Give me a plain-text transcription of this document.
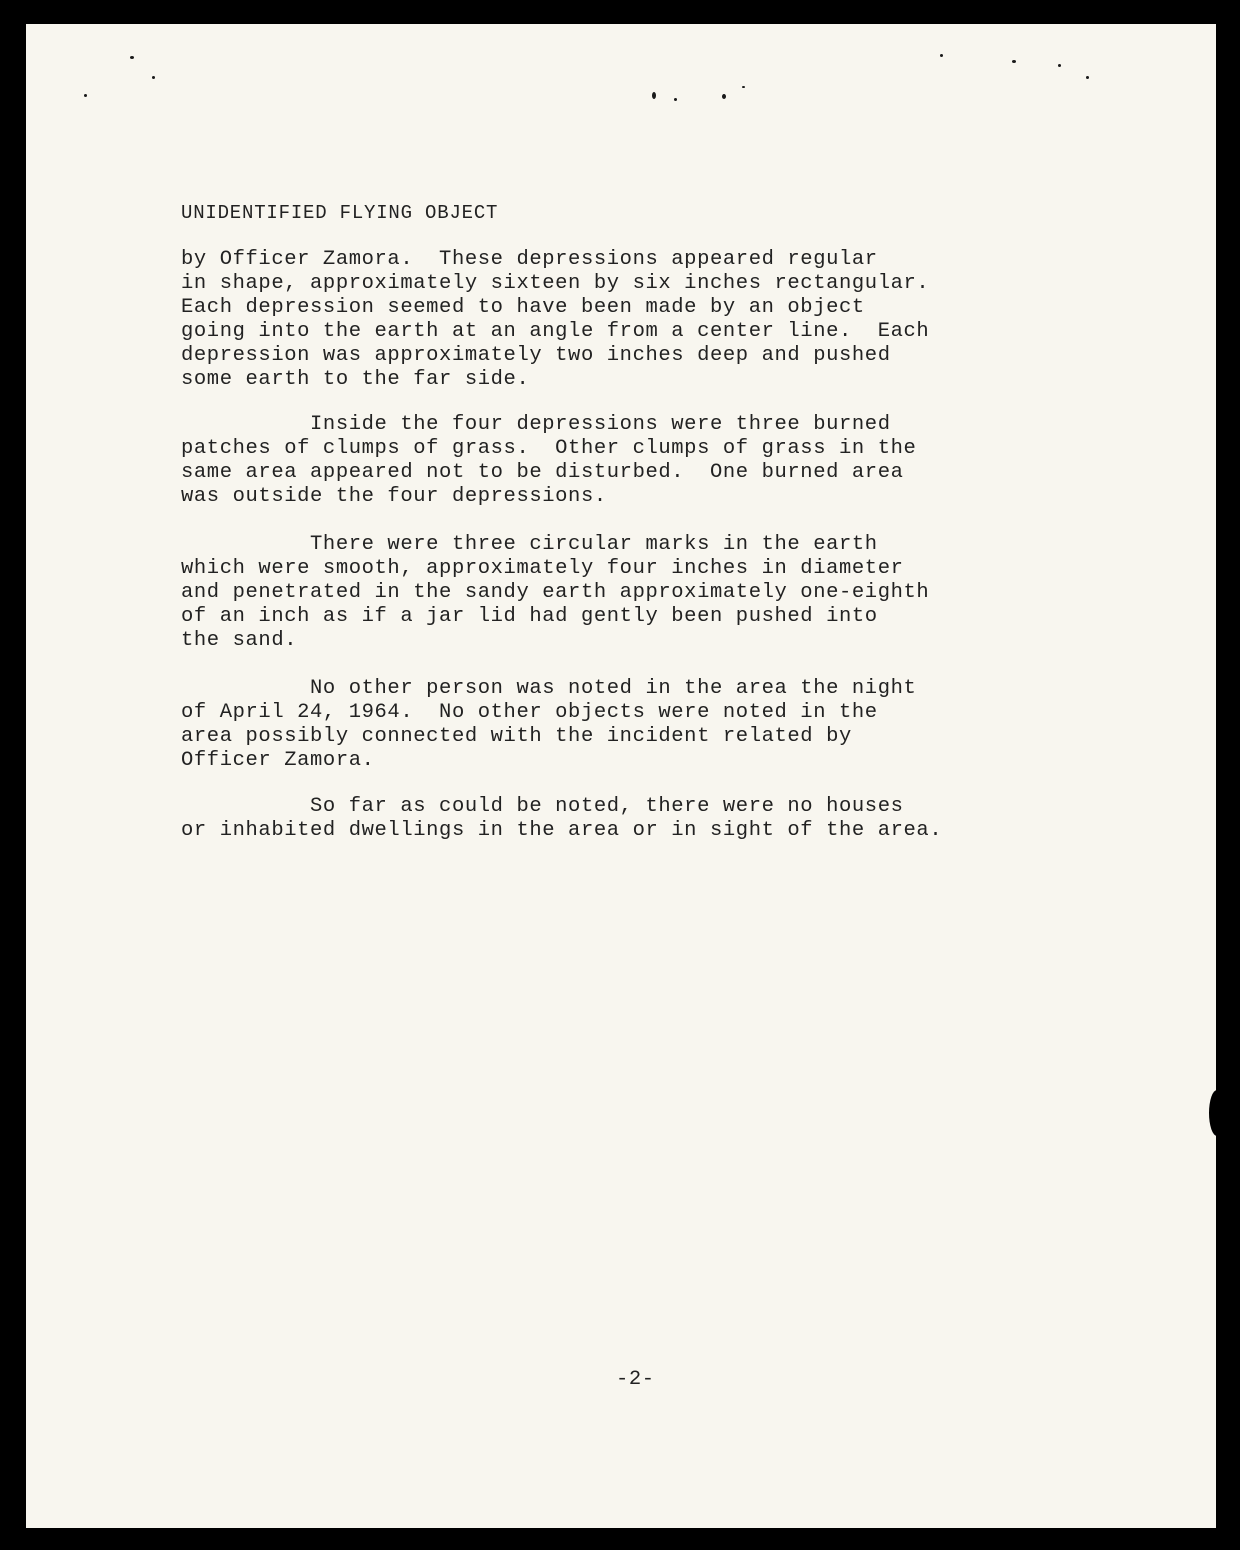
UNIDENTIFIED FLYING OBJECT
by Officer Zamora.  These depressions appeared regular
in shape, approximately sixteen by six inches rectangular.
Each depression seemed to have been made by an object
going into the earth at an angle from a center line.  Each
depression was approximately two inches deep and pushed
some earth to the far side.
Inside the four depressions were three burned
patches of clumps of grass.  Other clumps of grass in the
same area appeared not to be disturbed.  One burned area
was outside the four depressions.
There were three circular marks in the earth
which were smooth, approximately four inches in diameter
and penetrated in the sandy earth approximately one-eighth
of an inch as if a jar lid had gently been pushed into
the sand.
No other person was noted in the area the night
of April 24, 1964.  No other objects were noted in the
area possibly connected with the incident related by
Officer Zamora.
So far as could be noted, there were no houses
or inhabited dwellings in the area or in sight of the area.
-2-
